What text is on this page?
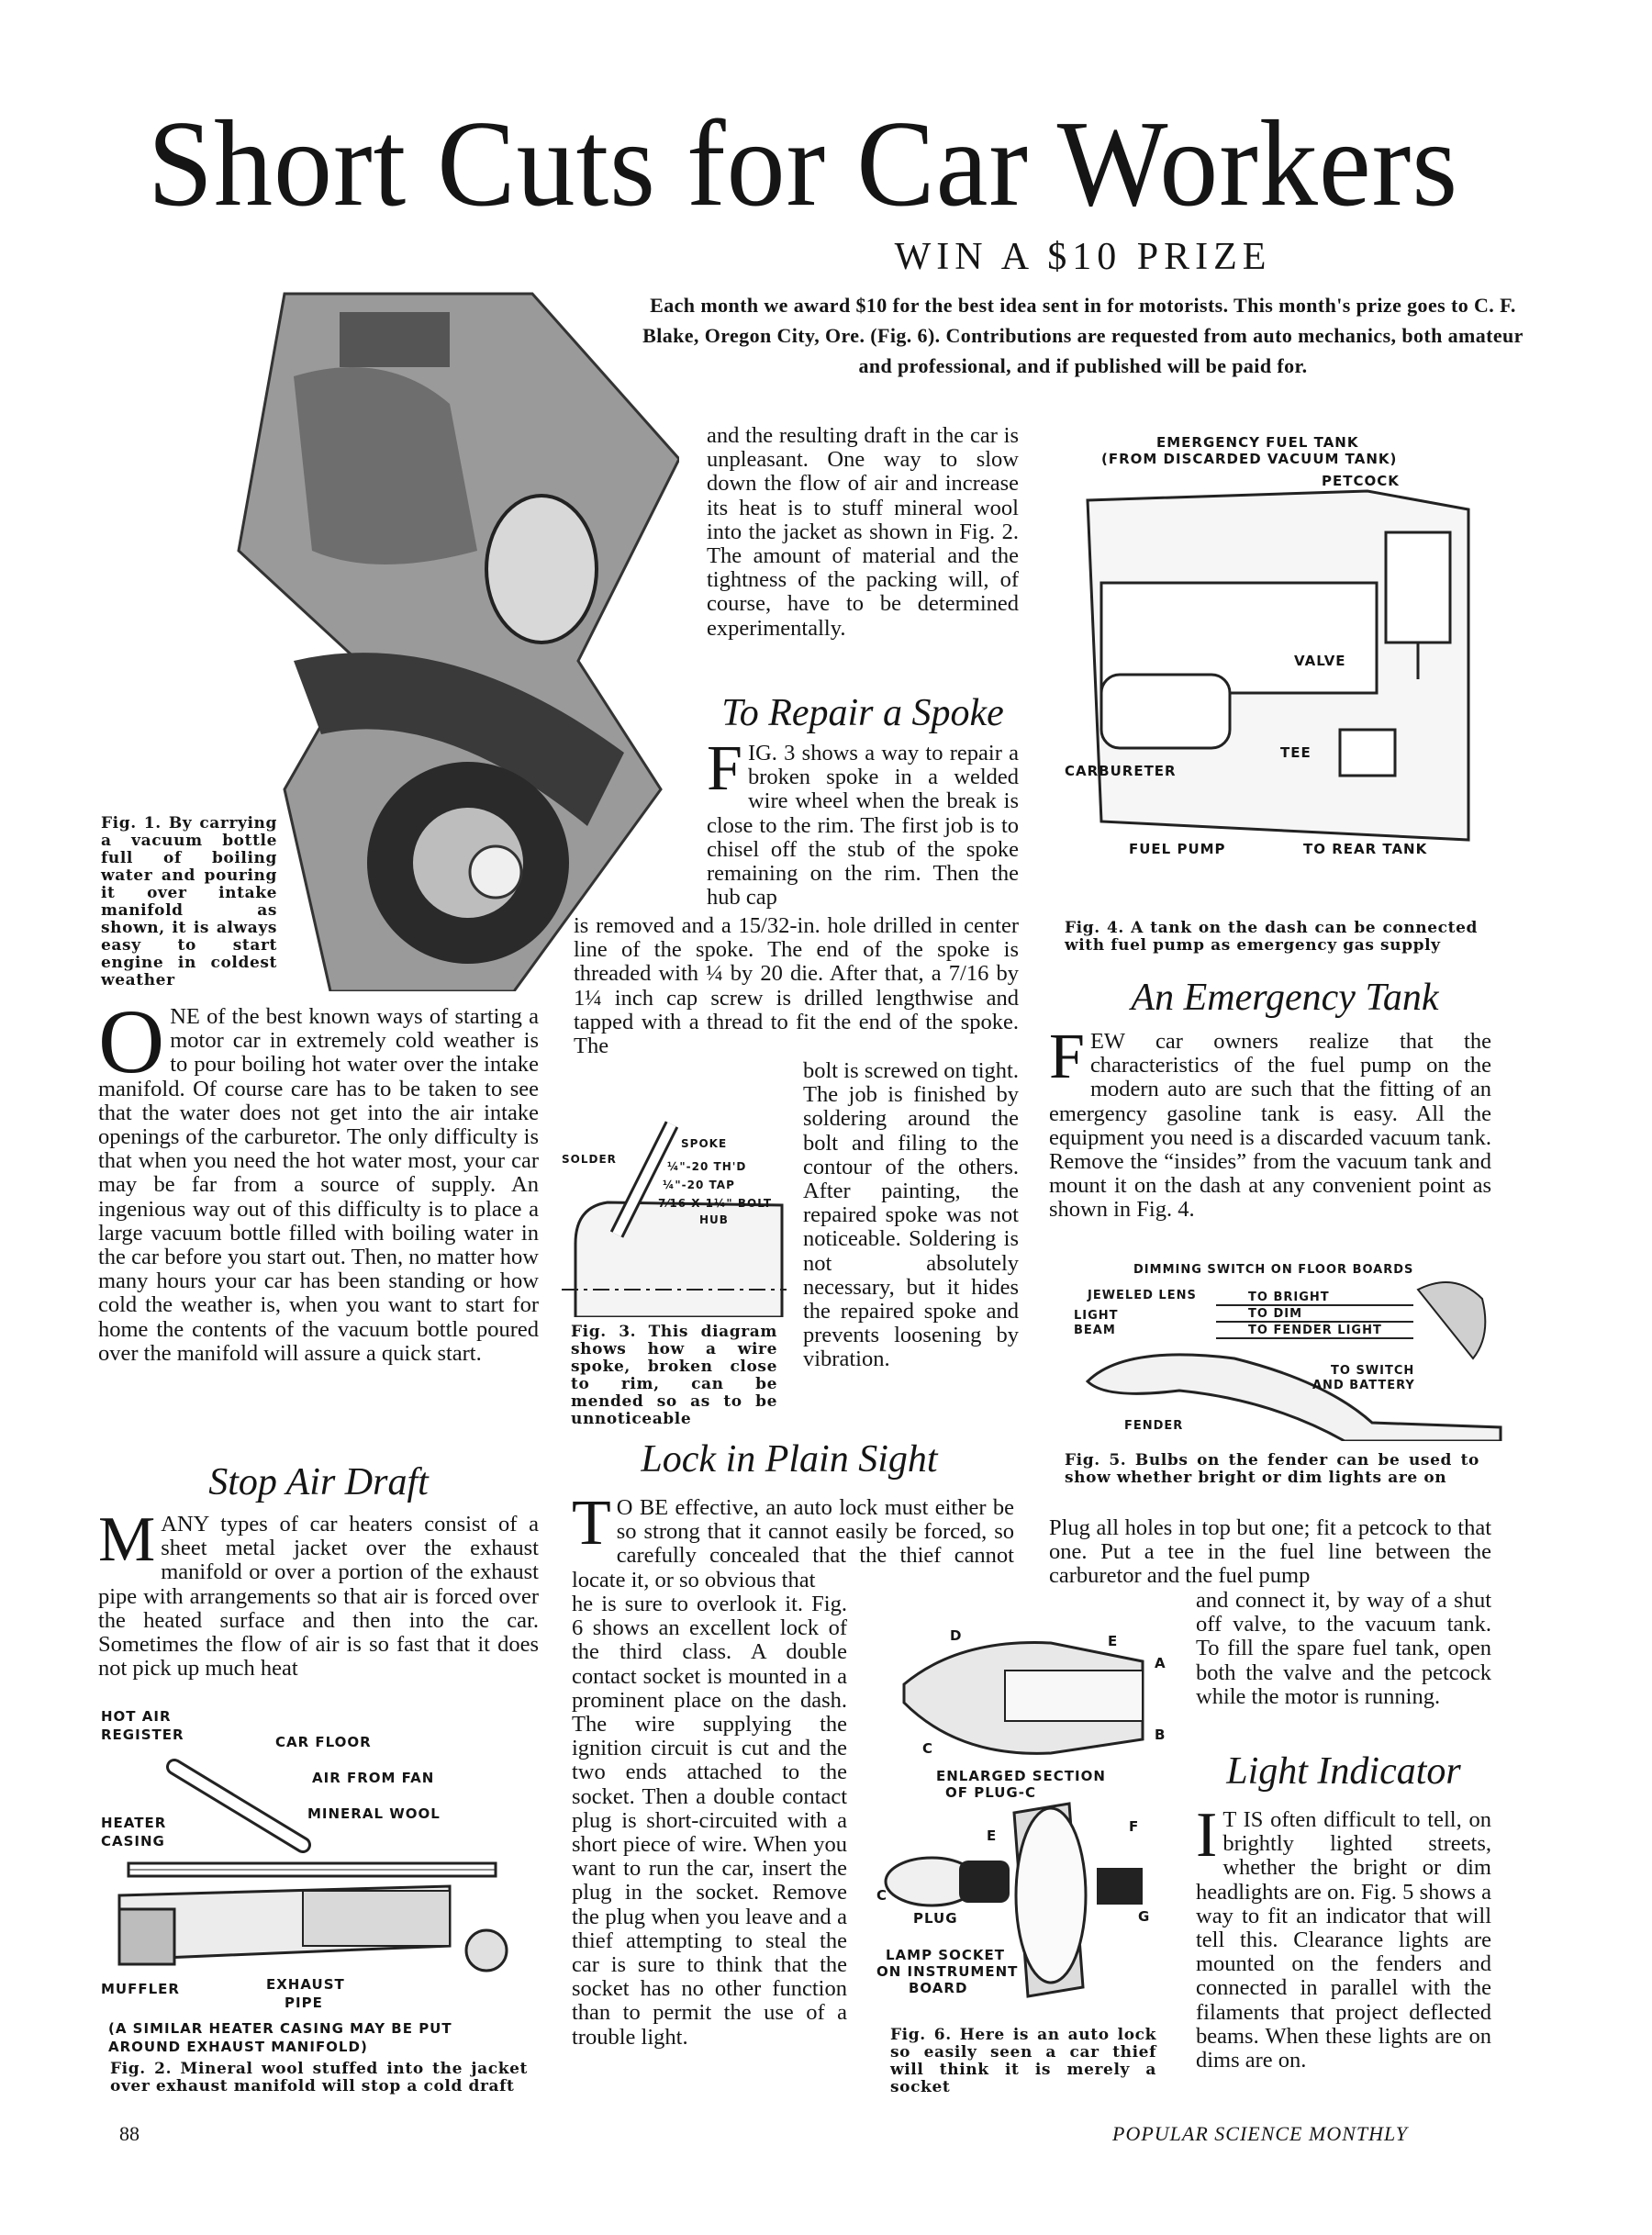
Short Cuts for Car Workers
WIN A $10 PRIZE
Each month we award $10 for the best idea sent in for motorists. This month's prize goes to C. F. Blake, Oregon City, Ore. (Fig. 6). Contributions are requested from auto mechanics, both amateur and professional, and if published will be paid for.
Fig. 1. By carrying a vacuum bottle full of boiling water and pouring it over intake manifold as shown, it is always easy to start engine in coldest weather

ONE of the best known ways of starting a motor car in extremely cold weather is to pour boiling hot water over the intake manifold. Of course care has to be taken to see that the water does not get into the air intake openings of the carburetor. The only difficulty is that when you need the hot water most, your car may be far from a source of supply. An ingenious way out of this difficulty is to place a large vacuum bottle filled with boiling water in the car before you start out. Then, no matter how many hours your car has been standing or how cold the weather is, when you want to start for home the contents of the vacuum bottle poured over the manifold will assure a quick start.

Stop Air Draft

MANY types of car heaters consist of a sheet metal jacket over the exhaust manifold or over a portion of the exhaust pipe with arrangements so that air is forced over the heated surface and then into the car. Sometimes the flow of air is so fast that it does not pick up much heat

HOT AIR
REGISTER	CAR FLOOR
AIR FROM FAN
MINERAL WOOL
HEATER
CASING
MUFFLER	EXHAUST
PIPE
(A SIMILAR HEATER CASING MAY BE PUT AROUND EXHAUST MANIFOLD)
Fig. 2. Mineral wool stuffed into the jacket over exhaust manifold will stop a cold draft
and the resulting draft in the car is unpleasant. One way to slow down the flow of air and increase its heat is to stuff mineral wool into the jacket as shown in Fig. 2. The amount of material and the tightness of the packing will, of course, have to be determined experimentally.
To Repair a Spoke

FIG. 3 shows a way to repair a broken spoke in a welded wire wheel when the break is close to the rim. The first job is to chisel off the stub of the spoke remaining on the rim. Then the hub cap

is removed and a 15/32-in. hole drilled in center line of the spoke. The end of the spoke is threaded with ¼ by 20 die. After that, a 7/16 by 1¼ inch cap screw is drilled lengthwise and tapped with a thread to fit the end of the spoke. The
bolt is screwed on tight. The job is finished by soldering around the bolt and filing to the contour of the others. After painting, the repaired spoke was not noticeable. Soldering is not absolutely necessary, but it hides the repaired spoke and prevents loosening by vibration.
SPOKE
SOLDER
¼"-20 TH'D
¼"-20 TAP
7⁄16 X 1¼" BOLT
HUB
Fig. 3. This diagram shows how a wire spoke, broken close to rim, can be mended so as to be unnoticeable
EMERGENCY FUEL TANK
(FROM DISCARDED VACUUM TANK)
PETCOCK
VALVE
TEE
CARBURETER
FUEL PUMP	TO REAR TANK
Fig. 4. A tank on the dash can be connected with fuel pump as emergency gas supply
An Emergency Tank

FEW car owners realize that the characteristics of the fuel pump on the modern auto are such that the fitting of an emergency gasoline tank is easy. All the equipment you need is a discarded vacuum tank. Remove the “insides” from the vacuum tank and mount it on the dash at any convenient point as shown in Fig. 4.

DIMMING SWITCH ON FLOOR BOARDS
JEWELED LENS
LIGHT
BEAM
TO BRIGHT
TO DIM
TO FENDER LIGHT
TO SWITCH
AND BATTERY
FENDER
Fig. 5. Bulbs on the fender can be used to show whether bright or dim lights are on
Plug all holes in top but one; fit a petcock to that one. Put a tee in the fuel line between the carburetor and the fuel pump
and connect it, by way of a shut off valve, to the vacuum tank. To fill the spare fuel tank, open both the valve and the petcock while the motor is running.
Lock in Plain Sight

T O BE effective, an auto lock must either be so strong that it cannot easily be forced, so carefully concealed that the thief cannot locate it, or so obvious that

he is sure to overlook it. Fig. 6 shows an excellent lock of the third class. A double contact socket is mounted in a prominent place on the dash. The wire supplying the ignition circuit is cut and the two ends attached to the socket. Then a double contact plug is short-circuited with a short piece of wire. When you want to run the car, insert the plug in the socket. Remove the plug when you leave and a thief attempting to steal the car is sure to think that the socket has no other function than to permit the use of a trouble light.
D	E
A
B
C
ENLARGED SECTION
OF PLUG-C
C
E
F
G
PLUG
LAMP SOCKET
ON INSTRUMENT
BOARD
Fig. 6. Here is an auto lock so easily seen a car thief will think it is merely a socket
Light Indicator

I T IS often difficult to tell, on brightly lighted streets, whether the bright or dim headlights are on. Fig. 5 shows a way to fit an indicator that will tell this. Clearance lights are mounted on the fenders and connected in parallel with the filaments that project deflected beams. When these lights are on dims are on.

88	POPULAR SCIENCE MONTHLY
